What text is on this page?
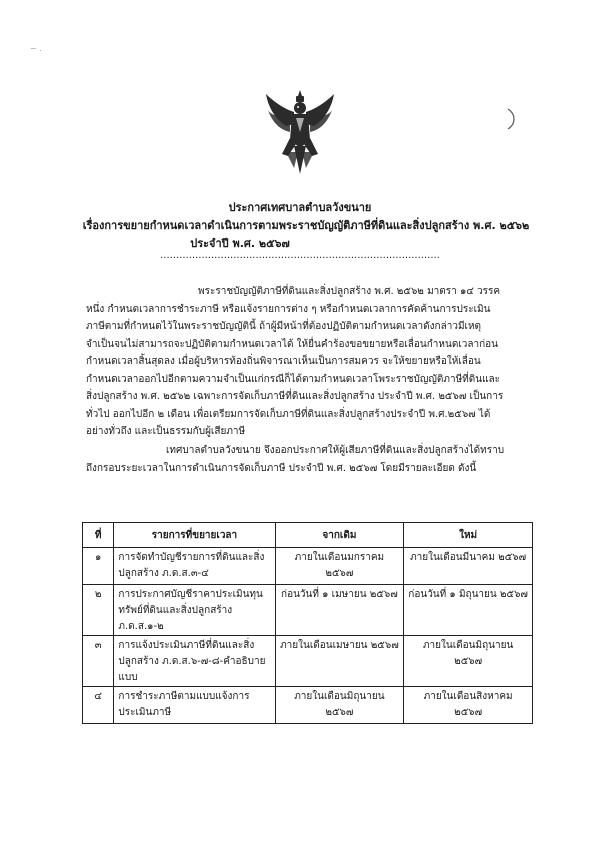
~ .
ประกาศเทศบาลตำบลวังขนาย
เรื่องการขยายกำหนดเวลาดำเนินการตามพระราชบัญญัติภาษีที่ดินและสิ่งปลูกสร้าง พ.ศ. ๒๕๖๒
ประจำปี พ.ศ. ๒๕๖๗
........................................................................................
พระราชบัญญัติภาษีที่ดินและสิ่งปลูกสร้าง พ.ศ. ๒๕๖๒ มาตรา ๑๔ วรรคหนึ่ง กำหนดเวลาการชำระภาษี หรือแจ้งรายการต่าง ๆ หรือกำหนดเวลาการคัดค้านการประเมินภาษีตามที่กำหนดไว้ในพระราชบัญญัตินี้ ถ้าผู้มีหน้าที่ต้องปฏิบัติตามกำหนดเวลาดังกล่าวมีเหตุจำเป็นจนไม่สามารถจะปฏิบัติตามกำหนดเวลาได้ ให้ยื่นคำร้องขอขยายหรือเลื่อนกำหนดเวลาก่อนกำหนดเวลาสิ้นสุดลง เมื่อผู้บริหารท้องถิ่นพิจารณาเห็นเป็นการสมควร จะให้ขยายหรือให้เลื่อนกำหนดเวลาออกไปอีกตามความจำเป็นแก่กรณีก็ได้ตามกำหนดเวลาโพระราชบัญญัติภาษีที่ดินและสิ่งปลูกสร้าง พ.ศ. ๒๕๖๒ เฉพาะการจัดเก็บภาษีที่ดินและสิ่งปลูกสร้าง ประจำปี พ.ศ. ๒๕๖๗ เป็นการทั่วไป ออกไปอีก ๒ เดือน เพื่อเตรียมการจัดเก็บภาษีที่ดินและสิ่งปลูกสร้างประจำปี พ.ศ.๒๕๖๗ ได้อย่างทั่วถึง และเป็นธรรมกับผู้เสียภาษี
เทศบาลตำบลวังขนาย จึงออกประกาศให้ผู้เสียภาษีที่ดินและสิ่งปลูกสร้างได้ทราบถึงกรอบระยะเวลาในการดำเนินการจัดเก็บภาษี ประจำปี พ.ศ. ๒๕๖๗ โดยมีรายละเอียด ดังนี้
ที่	รายการที่ขยายเวลา	จากเดิม	ใหม่
๑	การจัดทำบัญชีรายการที่ดินและสิ่งปลูกสร้าง ภ.ด.ส.๓-๔	ภายในเดือนมกราคม ๒๕๖๗	ภายในเดือนมีนาคม ๒๕๖๗
๒	การประกาศบัญชีราคาประเมินทุนทรัพย์ที่ดินและสิ่งปลูกสร้าง ภ.ด.ส.๑-๒	ก่อนวันที่ ๑ เมษายน ๒๕๖๗	ก่อนวันที่ ๑ มิถุนายน ๒๕๖๗
๓	การแจ้งประเมินภาษีที่ดินและสิ่งปลูกสร้าง ภ.ด.ส.๖-๗-๘-คำอธิบายแบบ	ภายในเดือนเมษายน ๒๕๖๗	ภายในเดือนมิถุนายน ๒๕๖๗
๔	การชำระภาษีตามแบบแจ้งการประเมินภาษี	ภายในเดือนมิถุนายน ๒๕๖๗	ภายในเดือนสิงหาคม ๒๕๖๗
